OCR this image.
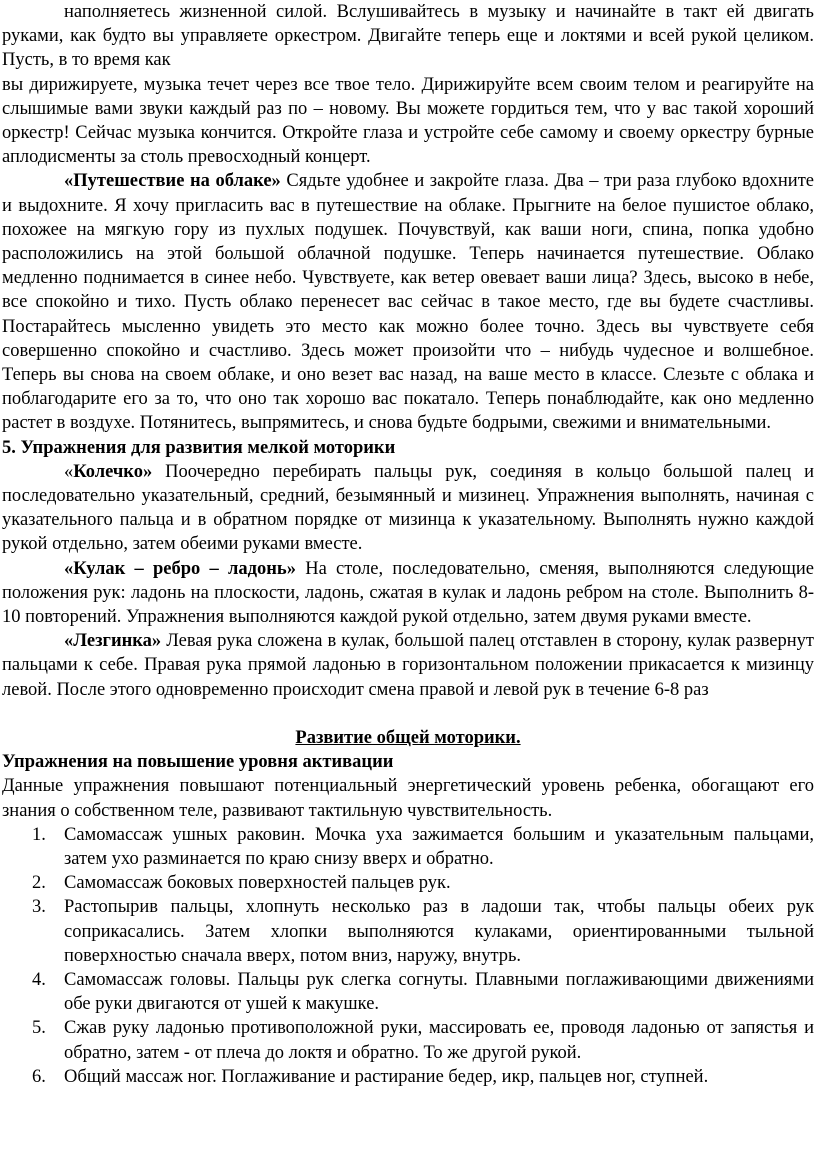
наполняетесь жизненной силой. Вслушивайтесь в музыку и начинайте в такт ей двигать руками, как будто вы управляете оркестром. Двигайте теперь еще и локтями и всей рукой целиком. Пусть, в то время как

вы дирижируете, музыка течет через все твое тело. Дирижируйте всем своим телом и реагируйте на слышимые вами звуки каждый раз по – новому. Вы можете гордиться тем, что у вас такой хороший оркестр! Сейчас музыка кончится. Откройте глаза и устройте себе самому и своему оркестру бурные аплодисменты за столь превосходный концерт.

«Путешествие на облаке» Сядьте удобнее и закройте глаза. Два – три раза глубоко вдохните и выдохните. Я хочу пригласить вас в путешествие на облаке. Прыгните на белое пушистое облако, похожее на мягкую гору из пухлых подушек. Почувствуй, как ваши ноги, спина, попка удобно расположились на этой большой облачной подушке. Теперь начинается путешествие. Облако медленно поднимается в синее небо. Чувствуете, как ветер овевает ваши лица? Здесь, высоко в небе, все спокойно и тихо. Пусть облако перенесет вас сейчас в такое место, где вы будете счастливы. Постарайтесь мысленно увидеть это место как можно более точно. Здесь вы чувствуете себя совершенно спокойно и счастливо. Здесь может произойти что – нибудь чудесное и волшебное. Теперь вы снова на своем облаке, и оно везет вас назад, на ваше место в классе. Слезьте с облака и поблагодарите его за то, что оно так хорошо вас покатало. Теперь понаблюдайте, как оно медленно растет в воздухе. Потянитесь, выпрямитесь, и снова будьте бодрыми, свежими и внимательными.

5. Упражнения для развития мелкой моторики

«Колечко» Поочередно перебирать пальцы рук, соединяя в кольцо большой палец и последовательно указательный, средний, безымянный и мизинец. Упражнения выполнять, начиная с указательного пальца и в обратном порядке от мизинца к указательному. Выполнять нужно каждой рукой отдельно, затем обеими руками вместе.

«Кулак – ребро – ладонь» На столе, последовательно, сменяя, выполняются следующие положения рук: ладонь на плоскости, ладонь, сжатая в кулак и ладонь ребром на столе. Выполнить 8-10 повторений. Упражнения выполняются каждой рукой отдельно, затем двумя руками вместе.

«Лезгинка» Левая рука сложена в кулак, большой палец отставлен в сторону, кулак развернут пальцами к себе. Правая рука прямой ладонью в горизонтальном положении прикасается к мизинцу левой. После этого одновременно происходит смена правой и левой рук в течение 6-8 раз

Развитие общей моторики.

Упражнения на повышение уровня активации

Данные упражнения повышают потенциальный энергетический уровень ребенка, обогащают его знания о собственном теле, развивают тактильную чувствительность.

1. Самомассаж ушных раковин. Мочка уха зажимается большим и указательным пальцами, затем ухо разминается по краю снизу вверх и обратно.
2. Самомассаж боковых поверхностей пальцев рук.
3. Растопырив пальцы, хлопнуть несколько раз в ладоши так, чтобы пальцы обеих рук соприкасались. Затем хлопки выполняются кулаками, ориентированными тыльной поверхностью сначала вверх, потом вниз, наружу, внутрь.
4. Самомассаж головы. Пальцы рук слегка согнуты. Плавными поглаживающими движениями обе руки двигаются от ушей к макушке.
5. Сжав руку ладонью противоположной руки, массировать ее, проводя ладонью от запястья и обратно, затем - от плеча до локтя и обратно. То же другой рукой.
6. Общий массаж ног. Поглаживание и растирание бедер, икр, пальцев ног, ступней.
